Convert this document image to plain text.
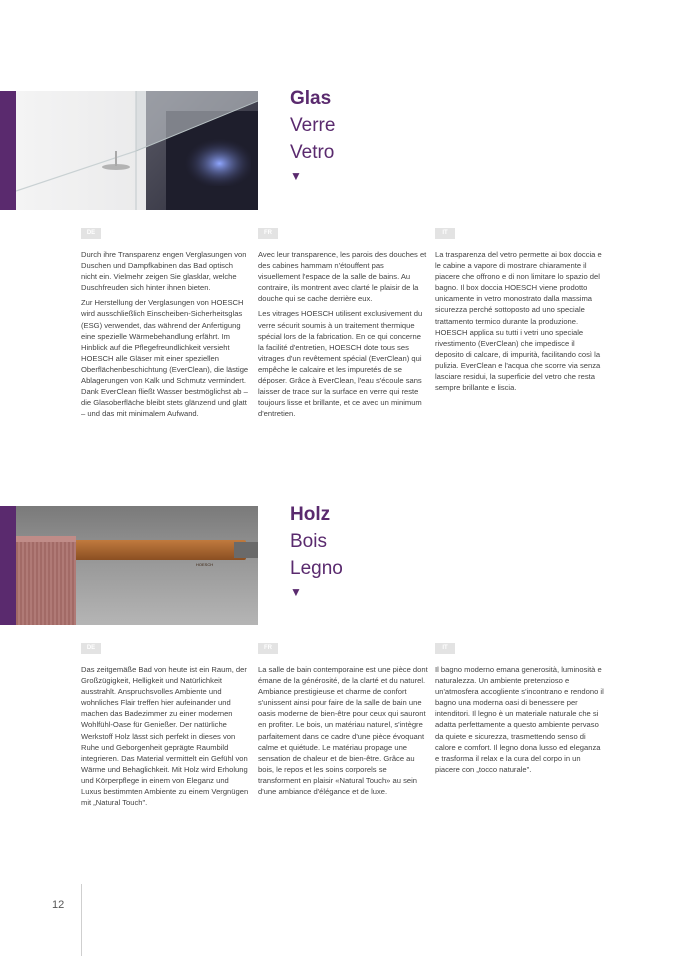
Glas
Verre
Vetro
▼
DE	FR	IT

Durch ihre Transparenz engen Verglasungen von Duschen und Dampfkabinen das Bad optisch nicht ein. Vielmehr zeigen Sie glasklar, welche Duschfreuden sich hinter ihnen bieten.

Zur Herstellung der Verglasungen von HOESCH wird ausschließlich Einscheiben-Sicherheitsglas (ESG) verwendet, das während der Anfertigung eine spezielle Wärmebehandlung erfährt. Im Hinblick auf die Pflegefreundlichkeit versieht HOESCH alle Gläser mit einer speziellen Oberflächenbeschichtung (EverClean), die lästige Ablagerungen von Kalk und Schmutz vermindert. Dank EverClean fließt Wasser bestmöglichst ab – die Glasoberfläche bleibt stets glänzend und glatt – und das mit minimalem Aufwand.

Avec leur transparence, les parois des douches et des cabines hammam n'étouffent pas visuellement l'espace de la salle de bains. Au contraire, ils montrent avec clarté le plaisir de la douche qui se cache derrière eux.

Les vitrages HOESCH utilisent exclusivement du verre sécurit soumis à un traitement thermique spécial lors de la fabrication. En ce qui concerne la facilité d'entretien, HOESCH dote tous ses vitrages d'un revêtement spécial (EverClean) qui empêche le calcaire et les impuretés de se déposer. Grâce à EverClean, l'eau s'écoule sans laisser de trace sur la surface en verre qui reste toujours lisse et brillante, et ce avec un minimum d'entretien.

La trasparenza del vetro permette ai box doccia e le cabine a vapore di mostrare chiaramente il piacere che offrono e di non limitare lo spazio del bagno. Il box doccia HOESCH viene prodotto unicamente in vetro monostrato dalla massima sicurezza perché sottoposto ad uno speciale trattamento termico durante la produzione. HOESCH applica su tutti i vetri uno speciale rivestimento (EverClean) che impedisce il deposito di calcare, di impurità, facilitando così la pulizia. EverClean e l'acqua che scorre via senza lasciare residui, la superficie del vetro che resta sempre brillante e liscia.

HOESCH
Holz
Bois
Legno
▼
DE	FR	IT

Das zeitgemäße Bad von heute ist ein Raum, der Großzügigkeit, Helligkeit und Natürlichkeit ausstrahlt. Anspruchsvolles Ambiente und wohnliches Flair treffen hier aufeinander und machen das Badezimmer zu einer modernen Wohlfühl-Oase für Genießer. Der natürliche Werkstoff Holz lässt sich perfekt in dieses von Ruhe und Geborgenheit geprägte Raumbild integrieren. Das Material vermittelt ein Gefühl von Wärme und Behaglichkeit. Mit Holz wird Erholung und Körperpflege in einem von Eleganz und Luxus bestimmten Ambiente zu einem Vergnügen mit „Natural Touch".

La salle de bain contemporaine est une pièce dont émane de la générosité, de la clarté et du naturel. Ambiance prestigieuse et charme de confort s'unissent ainsi pour faire de la salle de bain une oasis moderne de bien-être pour ceux qui sauront en profiter. Le bois, un matériau naturel, s'intègre parfaitement dans ce cadre d'une pièce évoquant calme et quiétude. Le matériau propage une sensation de chaleur et de bien-être. Grâce au bois, le repos et les soins corporels se transforment en plaisir «Natural Touch» au sein d'une ambiance d'élégance et de luxe.

Il bagno moderno emana generosità, luminosità e naturalezza. Un ambiente pretenzioso e un'atmosfera accogliente s'incontrano e rendono il bagno una moderna oasi di benessere per intenditori. Il legno è un materiale naturale che si adatta perfettamente a questo ambiente pervaso da quiete e sicurezza, trasmettendo senso di calore e comfort. Il legno dona lusso ed eleganza e trasforma il relax e la cura del corpo in un piacere con „tocco naturale".

12
